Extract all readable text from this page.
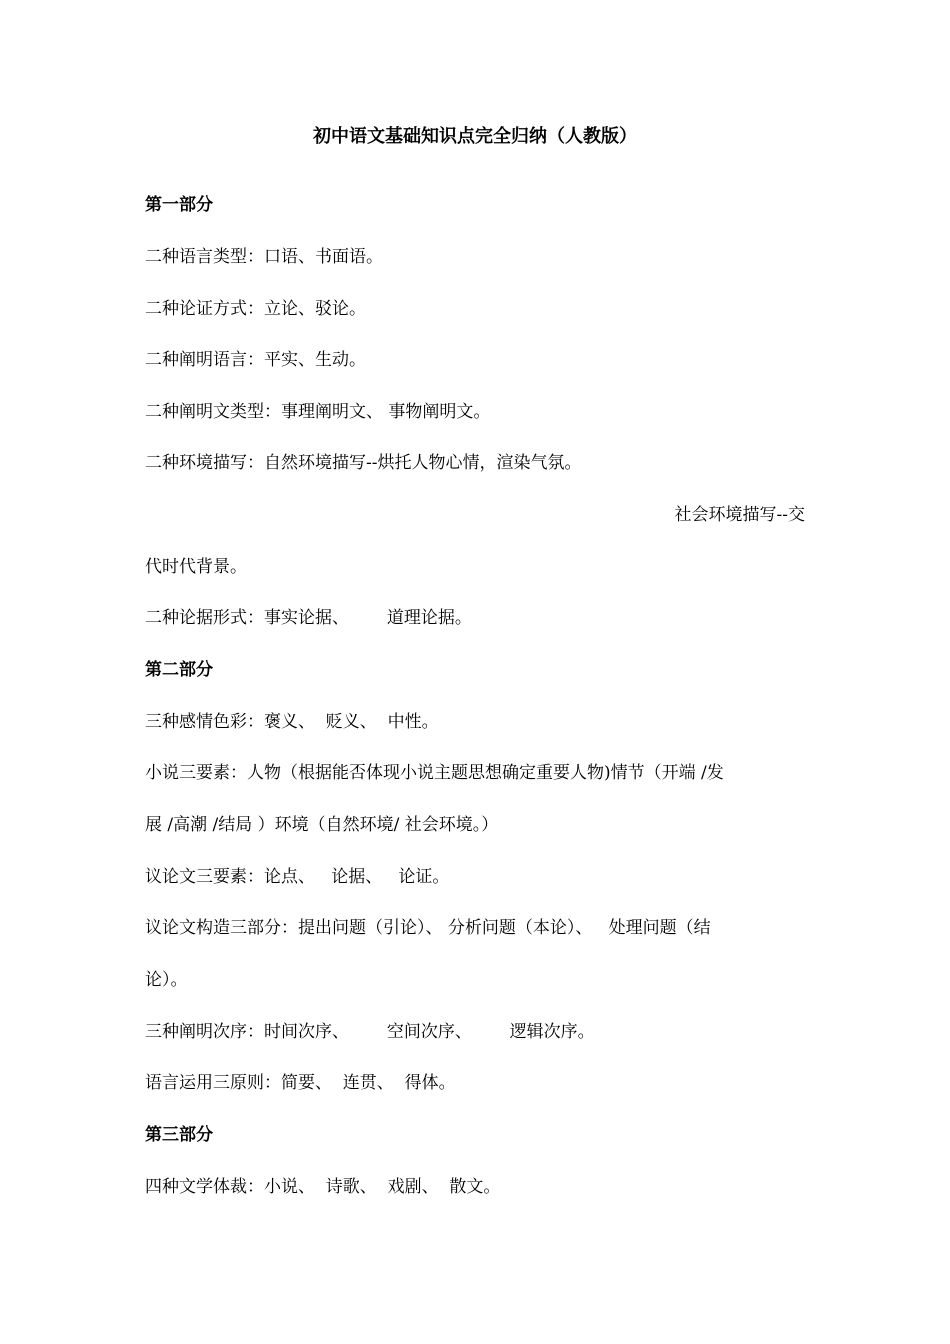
初中语文基础知识点完全归纳（人教版）
第一部分
二种语言类型：口语、书面语。
二种论证方式：立论、驳论。
二种阐明语言：平实、生动。
二种阐明文类型：事理阐明文、 事物阐明文。
二种环境描写：自然环境描写--烘托人物心情，渲染气氛。
社会环境描写--交
代时代背景。
二种论据形式：事实论据、       道理论据。
第二部分
三种感情色彩：褒义、  贬义、  中性。
小说三要素：人物（根据能否体现小说主题思想确定重要人物)情节（开端 /发
展 /高潮 /结局 ）环境（自然环境/ 社会环境。）
议论文三要素：论点、   论据、   论证。
议论文构造三部分：提出问题（引论）、 分析问题（本论）、   处理问题（结
论）。
三种阐明次序：时间次序、       空间次序、       逻辑次序。
语言运用三原则：简要、  连贯、  得体。
第三部分
四种文学体裁：小说、  诗歌、  戏剧、  散文。
